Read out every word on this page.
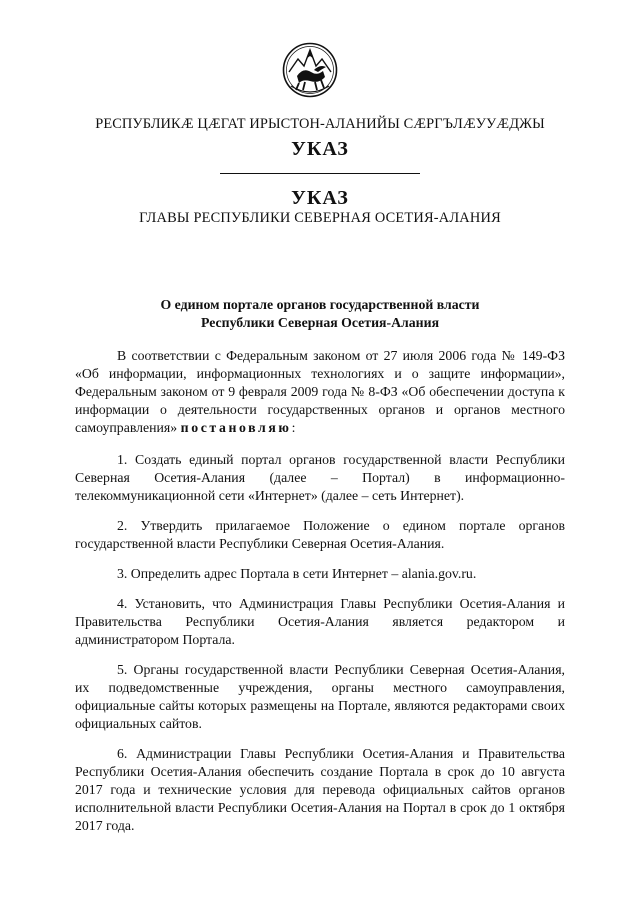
РЕСПУБЛИКӔ ЦӔГАТ ИРЫСТОН-АЛАНИЙЫ СӔРГЪЛӔУУӔДЖЫ
УКАЗ
УКАЗ
ГЛАВЫ РЕСПУБЛИКИ СЕВЕРНАЯ ОСЕТИЯ-АЛАНИЯ
О едином портале органов государственной власти
Республики Северная Осетия-Алания

В соответствии с Федеральным законом от 27 июля 2006 года № 149-ФЗ «Об информации, информационных технологиях и о защите информации», Федеральным законом от 9 февраля 2009 года № 8-ФЗ «Об обеспечении доступа к информации о деятельности государственных органов и органов местного самоуправления» постановляю:

1. Создать единый портал органов государственной власти Республики Северная Осетия-Алания (далее – Портал) в информационно-телекоммуникационной сети «Интернет» (далее – сеть Интернет).

2. Утвердить прилагаемое Положение о едином портале органов государственной власти Республики Северная Осетия-Алания.

3. Определить адрес Портала в сети Интернет – alania.gov.ru.

4. Установить, что Администрация Главы Республики Осетия-Алания и Правительства Республики Осетия-Алания является редактором и администратором Портала.

5. Органы государственной власти Республики Северная Осетия-Алания, их подведомственные учреждения, органы местного самоуправления, официальные сайты которых размещены на Портале, являются редакторами своих официальных сайтов.

6. Администрации Главы Республики Осетия-Алания и Правительства Республики Осетия-Алания обеспечить создание Портала в срок до 10 августа 2017 года и технические условия для перевода официальных сайтов органов исполнительной власти Республики Осетия-Алания на Портал в срок до 1 октября 2017 года.
